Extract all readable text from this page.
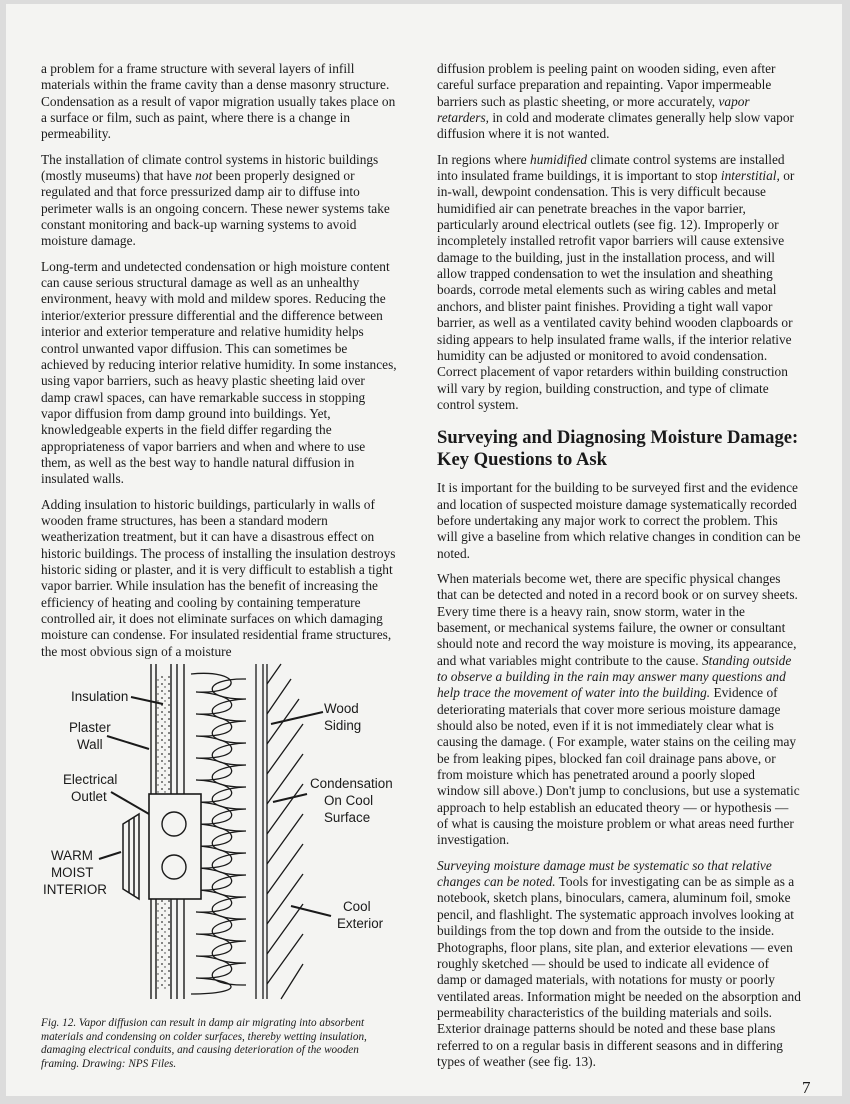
a problem for a frame structure with several layers of infill materials within the frame cavity than a dense masonry structure. Condensation as a result of vapor migration usually takes place on a surface or film, such as paint, where there is a change in permeability.

The installation of climate control systems in historic buildings (mostly museums) that have not been properly designed or regulated and that force pressurized damp air to diffuse into perimeter walls is an ongoing concern. These newer systems take constant monitoring and back-up warning systems to avoid moisture damage.

Long-term and undetected condensation or high moisture content can cause serious structural damage as well as an unhealthy environment, heavy with mold and mildew spores. Reducing the interior/exterior pressure differential and the difference between interior and exterior temperature and relative humidity helps control unwanted vapor diffusion. This can sometimes be achieved by reducing interior relative humidity. In some instances, using vapor barriers, such as heavy plastic sheeting laid over damp crawl spaces, can have remarkable success in stopping vapor diffusion from damp ground into buildings. Yet, knowledgeable experts in the field differ regarding the appropriateness of vapor barriers and when and where to use them, as well as the best way to handle natural diffusion in insulated walls.

Adding insulation to historic buildings, particularly in walls of wooden frame structures, has been a standard modern weatherization treatment, but it can have a disastrous effect on historic buildings. The process of installing the insulation destroys historic siding or plaster, and it is very difficult to establish a tight vapor barrier. While insulation has the benefit of increasing the efficiency of heating and cooling by containing temperature controlled air, it does not eliminate surfaces on which damaging moisture can condense. For insulated residential frame structures, the most obvious sign of a moisture

Insulation
Plaster
Wall
Electrical
Outlet
WARM
MOIST
INTERIOR
Wood
Siding
Condensation
On Cool
Surface
Cool
Exterior

Fig. 12. Vapor diffusion can result in damp air migrating into absorbent materials and condensing on colder surfaces, thereby wetting insulation, damaging electrical conduits, and causing deterioration of the wooden framing. Drawing: NPS Files.

diffusion problem is peeling paint on wooden siding, even after careful surface preparation and repainting. Vapor impermeable barriers such as plastic sheeting, or more accurately, vapor retarders, in cold and moderate climates generally help slow vapor diffusion where it is not wanted.

In regions where humidified climate control systems are installed into insulated frame buildings, it is important to stop interstitial, or in-wall, dewpoint condensation. This is very difficult because humidified air can penetrate breaches in the vapor barrier, particularly around electrical outlets (see fig. 12). Improperly or incompletely installed retrofit vapor barriers will cause extensive damage to the building, just in the installation process, and will allow trapped condensation to wet the insulation and sheathing boards, corrode metal elements such as wiring cables and metal anchors, and blister paint finishes. Providing a tight wall vapor barrier, as well as a ventilated cavity behind wooden clapboards or siding appears to help insulated frame walls, if the interior relative humidity can be adjusted or monitored to avoid condensation. Correct placement of vapor retarders within building construction will vary by region, building construction, and type of climate control system.

Surveying and Diagnosing Moisture Damage: Key Questions to Ask

It is important for the building to be surveyed first and the evidence and location of suspected moisture damage systematically recorded before undertaking any major work to correct the problem. This will give a baseline from which relative changes in condition can be noted.

When materials become wet, there are specific physical changes that can be detected and noted in a record book or on survey sheets. Every time there is a heavy rain, snow storm, water in the basement, or mechanical systems failure, the owner or consultant should note and record the way moisture is moving, its appearance, and what variables might contribute to the cause. Standing outside to observe a building in the rain may answer many questions and help trace the movement of water into the building. Evidence of deteriorating materials that cover more serious moisture damage should also be noted, even if it is not immediately clear what is causing the damage. ( For example, water stains on the ceiling may be from leaking pipes, blocked fan coil drainage pans above, or from moisture which has penetrated around a poorly sloped window sill above.) Don't jump to conclusions, but use a systematic approach to help establish an educated theory — or hypothesis — of what is causing the moisture problem or what areas need further investigation.

Surveying moisture damage must be systematic so that relative changes can be noted. Tools for investigating can be as simple as a notebook, sketch plans, binoculars, camera, aluminum foil, smoke pencil, and flashlight. The systematic approach involves looking at buildings from the top down and from the outside to the inside. Photographs, floor plans, site plan, and exterior elevations — even roughly sketched — should be used to indicate all evidence of damp or damaged materials, with notations for musty or poorly ventilated areas. Information might be needed on the absorption and permeability characteristics of the building materials and soils. Exterior drainage patterns should be noted and these base plans referred to on a regular basis in different seasons and in differing types of weather (see fig. 13).

7
